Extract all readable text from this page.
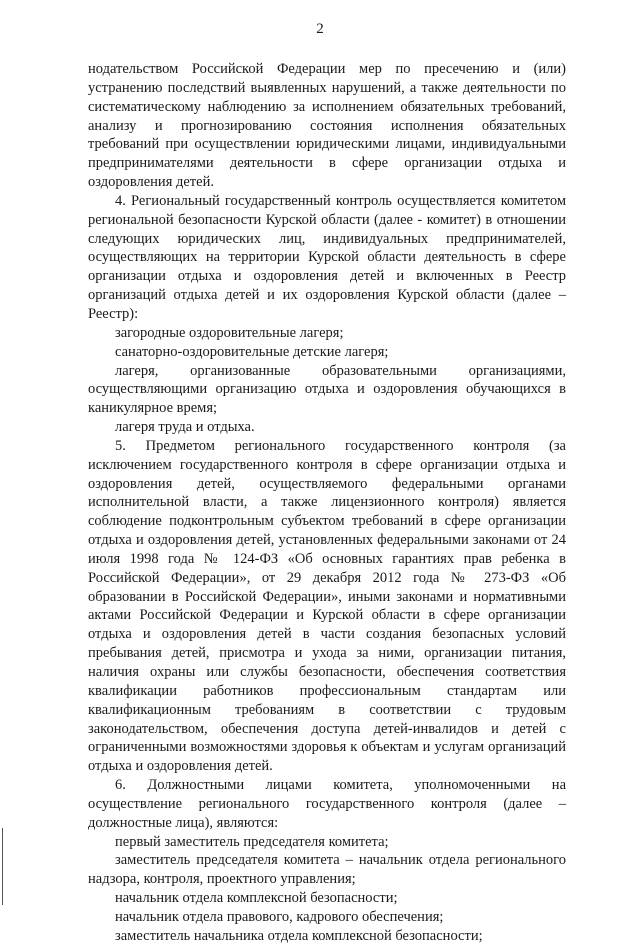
2

нодательством Российской Федерации мер по пресечению и (или) устранению последствий выявленных нарушений, а также деятельности по систематическому наблюдению за исполнением обязательных требований, анализу и прогнозированию состояния исполнения обязательных требований при осуществлении юридическими лицами, индивидуальными предпринимателями деятельности в сфере организации отдыха и оздоровления детей.

4. Региональный государственный контроль осуществляется комитетом региональной безопасности Курской области (далее - комитет) в отношении следующих юридических лиц, индивидуальных предпринимателей, осуществляющих на территории Курской области деятельность в сфере организации отдыха и оздоровления детей и включенных в Реестр организаций отдыха детей и их оздоровления Курской области (далее – Реестр):

загородные оздоровительные лагеря;

санаторно-оздоровительные детские лагеря;

лагеря, организованные образовательными организациями, осуществляющими организацию отдыха и оздоровления обучающихся в каникулярное время;

лагеря труда и отдыха.

5. Предметом регионального государственного контроля (за исключением государственного контроля в сфере организации отдыха и оздоровления детей, осуществляемого федеральными органами исполнительной власти, а также лицензионного контроля) является соблюдение подконтрольным субъектом требований в сфере организации отдыха и оздоровления детей, установленных федеральными законами от 24 июля 1998 года № 124-ФЗ «Об основных гарантиях прав ребенка в Российской Федерации», от 29 декабря 2012 года № 273-ФЗ «Об образовании в Российской Федерации», иными законами и нормативными актами Российской Федерации и Курской области в сфере организации отдыха и оздоровления детей в части создания безопасных условий пребывания детей, присмотра и ухода за ними, организации питания, наличия охраны или службы безопасности, обеспечения соответствия квалификации работников профессиональным стандартам или квалификационным требованиям в соответствии с трудовым законодательством, обеспечения доступа детей-инвалидов и детей с ограниченными возможностями здоровья к объектам и услугам организаций отдыха и оздоровления детей.

6. Должностными лицами комитета, уполномоченными на осуществление регионального государственного контроля (далее – должностные лица), являются:

первый заместитель председателя комитета;

заместитель председателя комитета – начальник отдела регионального надзора, контроля, проектного управления;

начальник отдела комплексной безопасности;

начальник отдела правового, кадрового обеспечения;

заместитель начальника отдела комплексной безопасности;
